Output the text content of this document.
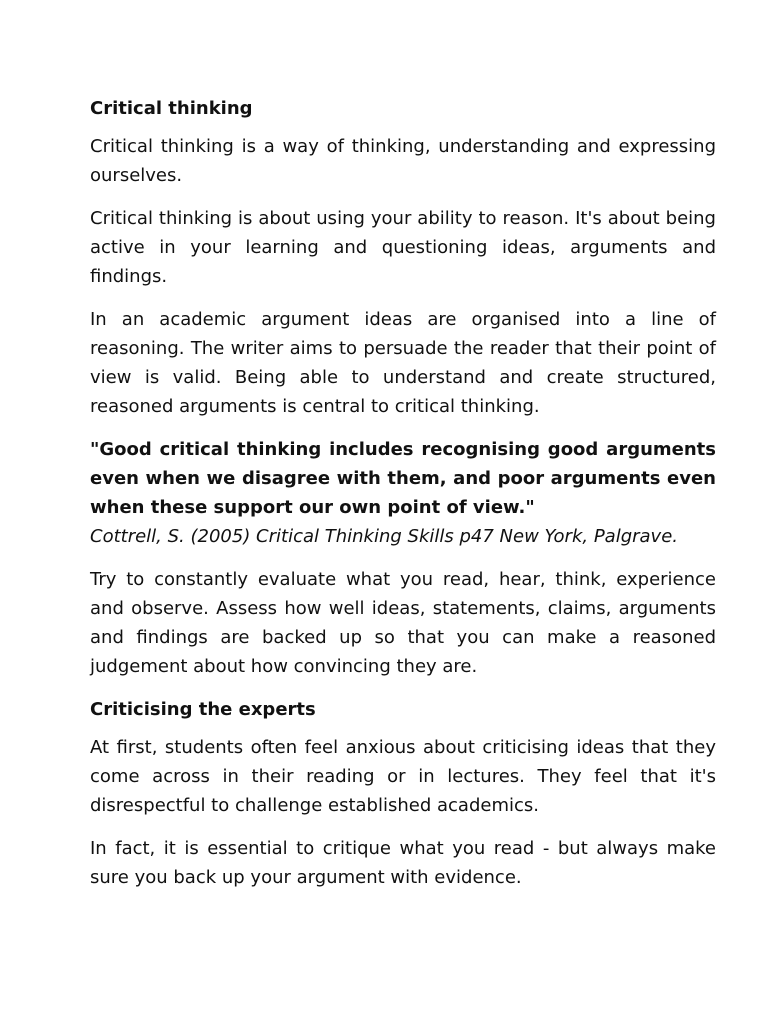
Critical thinking

Critical thinking is a way of thinking, understanding and expressing ourselves.

Critical thinking is about using your ability to reason. It's about being active in your learning and questioning ideas, arguments and findings.

In an academic argument ideas are organised into a line of reasoning. The writer aims to persuade the reader that their point of view is valid. Being able to understand and create structured, reasoned arguments is central to critical thinking.

"Good critical thinking includes recognising good arguments even when we disagree with them, and poor arguments even when these support our own point of view."
Cottrell, S. (2005) Critical Thinking Skills p47 New York, Palgrave.

Try to constantly evaluate what you read, hear, think, experience and observe. Assess how well ideas, statements, claims, arguments and findings are backed up so that you can make a reasoned judgement about how convincing they are.

Criticising the experts

At first, students often feel anxious about criticising ideas that they come across in their reading or in lectures. They feel that it's disrespectful to challenge established academics.

In fact, it is essential to critique what you read - but always make sure you back up your argument with evidence.
